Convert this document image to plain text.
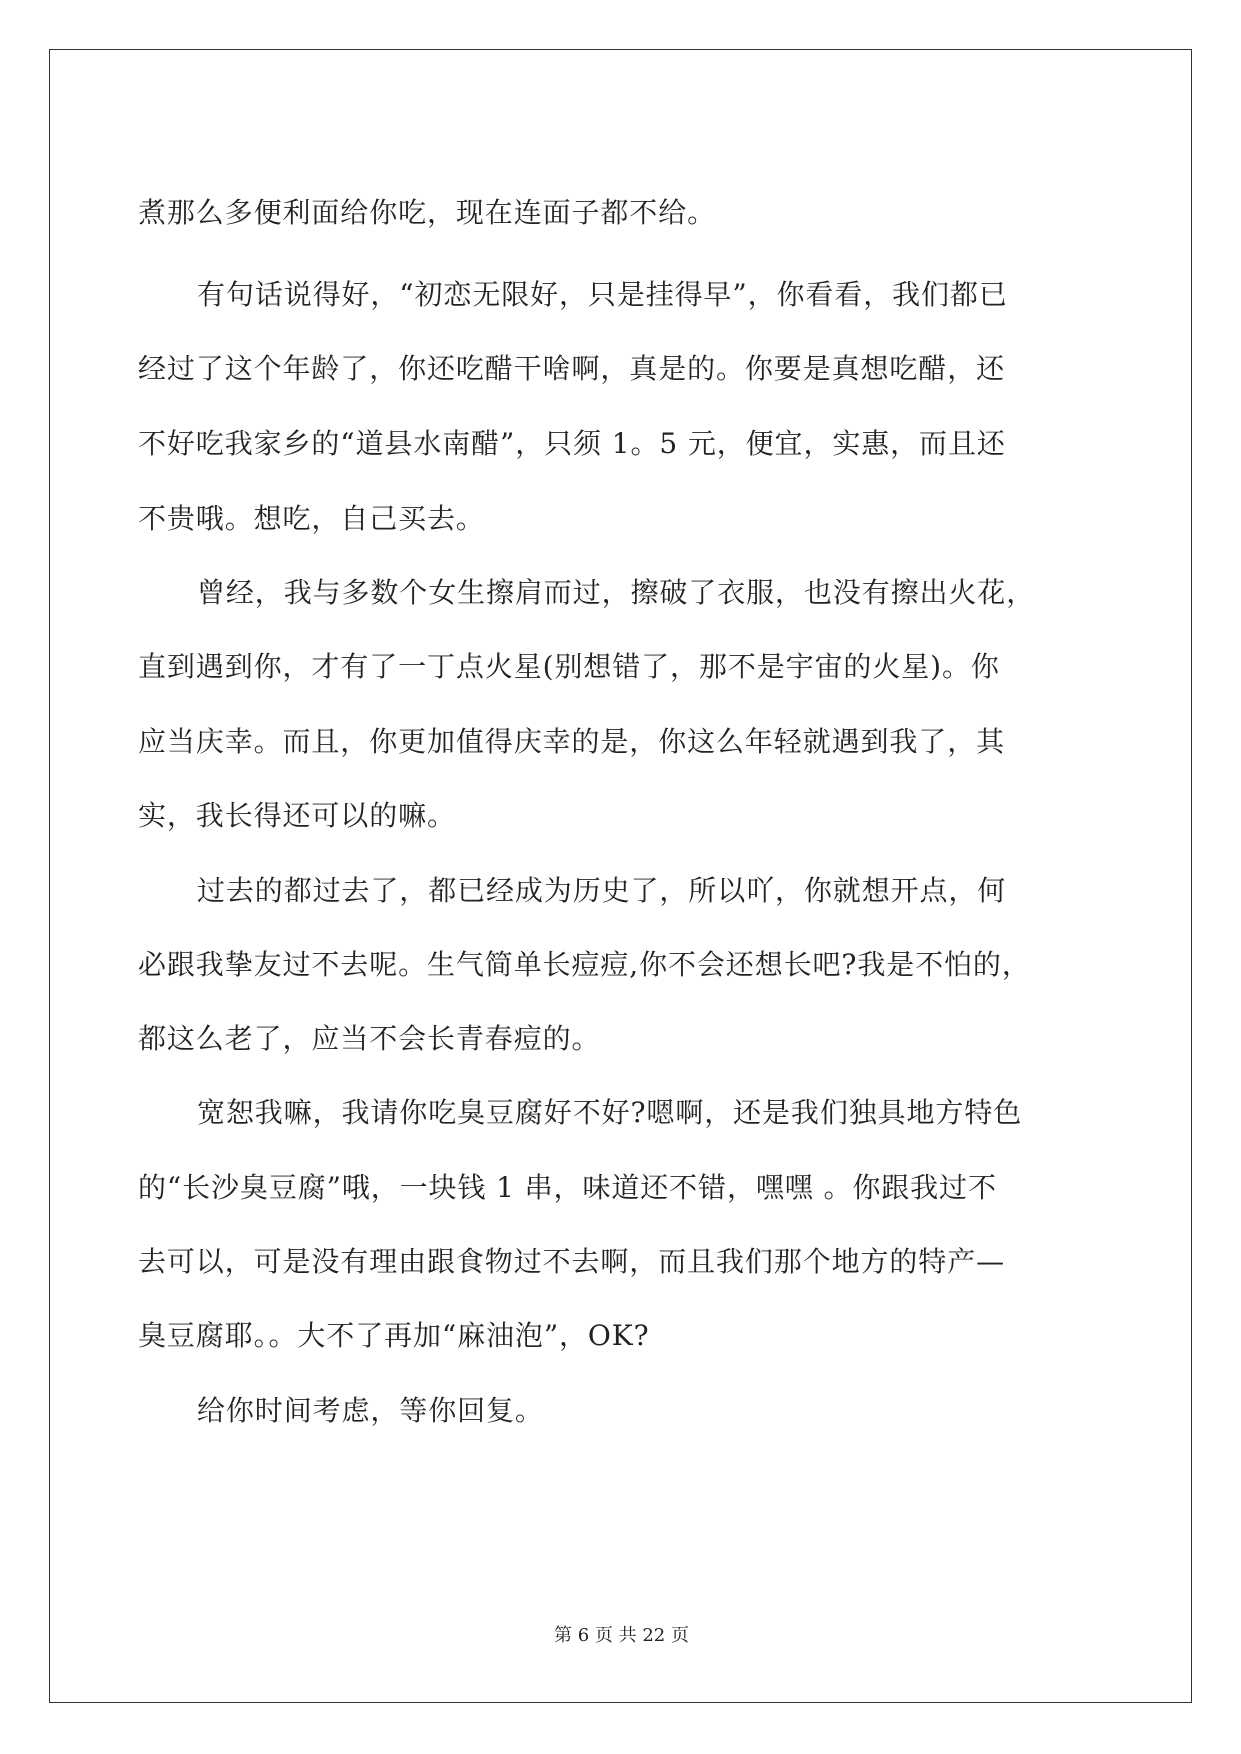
煮那么多便利面给你吃，现在连面子都不给。
有句话说得好，“初恋无限好，只是挂得早”，你看看，我们都已
经过了这个年龄了，你还吃醋干啥啊，真是的。你要是真想吃醋，还
不好吃我家乡的“道县水南醋”，只须 1。5 元，便宜，实惠，而且还
不贵哦。想吃，自己买去。
曾经，我与多数个女生擦肩而过，擦破了衣服，也没有擦出火花，
直到遇到你，才有了一丁点火星(别想错了，那不是宇宙的火星)。你
应当庆幸。而且，你更加值得庆幸的是，你这么年轻就遇到我了，其
实，我长得还可以的嘛。
过去的都过去了，都已经成为历史了，所以吖，你就想开点，何
必跟我挚友过不去呢。生气简单长痘痘,你不会还想长吧?我是不怕的，
都这么老了，应当不会长青春痘的。
宽恕我嘛，我请你吃臭豆腐好不好?嗯啊，还是我们独具地方特色
的“长沙臭豆腐”哦，一块钱 1 串，味道还不错，嘿嘿 。你跟我过不
去可以，可是没有理由跟食物过不去啊，而且我们那个地方的特产—
臭豆腐耶。。大不了再加“麻油泡”，OK?
给你时间考虑，等你回复。
第 6 页 共 22 页
